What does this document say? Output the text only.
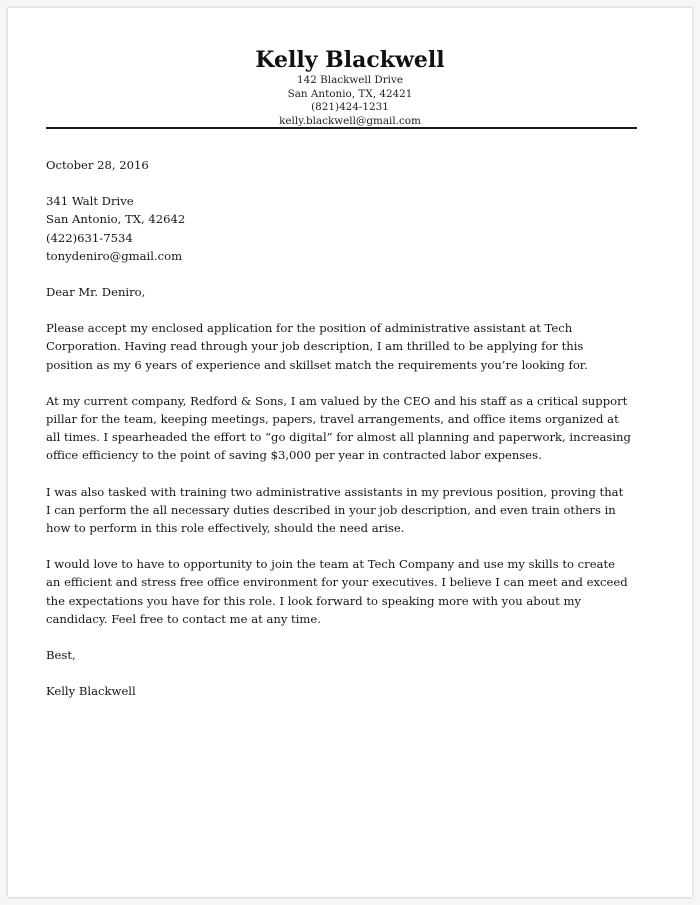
Kelly Blackwell
142 Blackwell Drive
San Antonio, TX, 42421
(821)424-1231
kelly.blackwell@gmail.com
October 28, 2016
341 Walt Drive
San Antonio, TX, 42642
(422)631-7534
tonydeniro@gmail.com
Dear Mr. Deniro,
Please accept my enclosed application for the position of administrative assistant at Tech
Corporation. Having read through your job description, I am thrilled to be applying for this
position as my 6 years of experience and skillset match the requirements you’re looking for.
At my current company, Redford & Sons, I am valued by the CEO and his staff as a critical support
pillar for the team, keeping meetings, papers, travel arrangements, and office items organized at
all times. I spearheaded the effort to “go digital” for almost all planning and paperwork, increasing
office efficiency to the point of saving $3,000 per year in contracted labor expenses.
I was also tasked with training two administrative assistants in my previous position, proving that
I can perform the all necessary duties described in your job description, and even train others in
how to perform in this role effectively, should the need arise.
I would love to have to opportunity to join the team at Tech Company and use my skills to create
an efficient and stress free office environment for your executives. I believe I can meet and exceed
the expectations you have for this role. I look forward to speaking more with you about my
candidacy. Feel free to contact me at any time.
Best,
Kelly Blackwell
